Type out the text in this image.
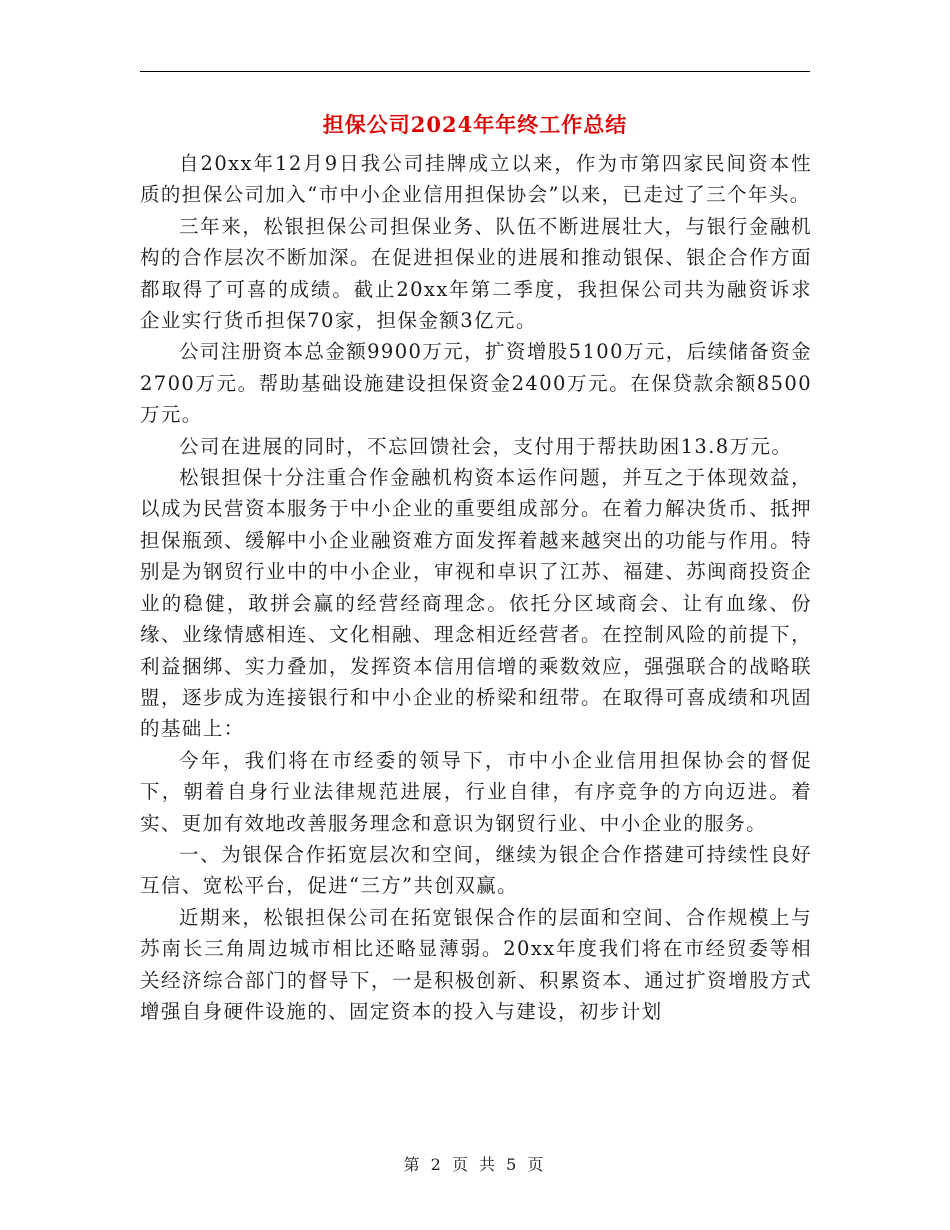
担保公司2024年年终工作总结

自20xx年12月9日我公司挂牌成立以来，作为市第四家民间资本性质的担保公司加入“市中小企业信用担保协会”以来，已走过了三个年头。

三年来，松银担保公司担保业务、队伍不断进展壮大，与银行金融机构的合作层次不断加深。在促进担保业的进展和推动银保、银企合作方面都取得了可喜的成绩。截止20xx年第二季度，我担保公司共为融资诉求企业实行货币担保70家，担保金额3亿元。

公司注册资本总金额9900万元，扩资增股5100万元，后续储备资金2700万元。帮助基础设施建设担保资金2400万元。在保贷款余额8500万元。

公司在进展的同时，不忘回馈社会，支付用于帮扶助困13.8万元。

松银担保十分注重合作金融机构资本运作问题，并互之于体现效益，以成为民营资本服务于中小企业的重要组成部分。在着力解决货币、抵押担保瓶颈、缓解中小企业融资难方面发挥着越来越突出的功能与作用。特别是为钢贸行业中的中小企业，审视和卓识了江苏、福建、苏闽商投资企业的稳健，敢拼会赢的经营经商理念。依托分区域商会、让有血缘、份缘、业缘情感相连、文化相融、理念相近经营者。在控制风险的前提下，利益捆绑、实力叠加，发挥资本信用信增的乘数效应，强强联合的战略联盟，逐步成为连接银行和中小企业的桥梁和纽带。在取得可喜成绩和巩固的基础上：

今年，我们将在市经委的领导下，市中小企业信用担保协会的督促下，朝着自身行业法律规范进展，行业自律，有序竞争的方向迈进。着实、更加有效地改善服务理念和意识为钢贸行业、中小企业的服务。

一、为银保合作拓宽层次和空间，继续为银企合作搭建可持续性良好互信、宽松平台，促进“三方”共创双赢。

近期来，松银担保公司在拓宽银保合作的层面和空间、合作规模上与苏南长三角周边城市相比还略显薄弱。20xx年度我们将在市经贸委等相关经济综合部门的督导下，一是积极创新、积累资本、通过扩资增股方式增强自身硬件设施的、固定资本的投入与建设，初步计划

第 2 页 共 5 页
